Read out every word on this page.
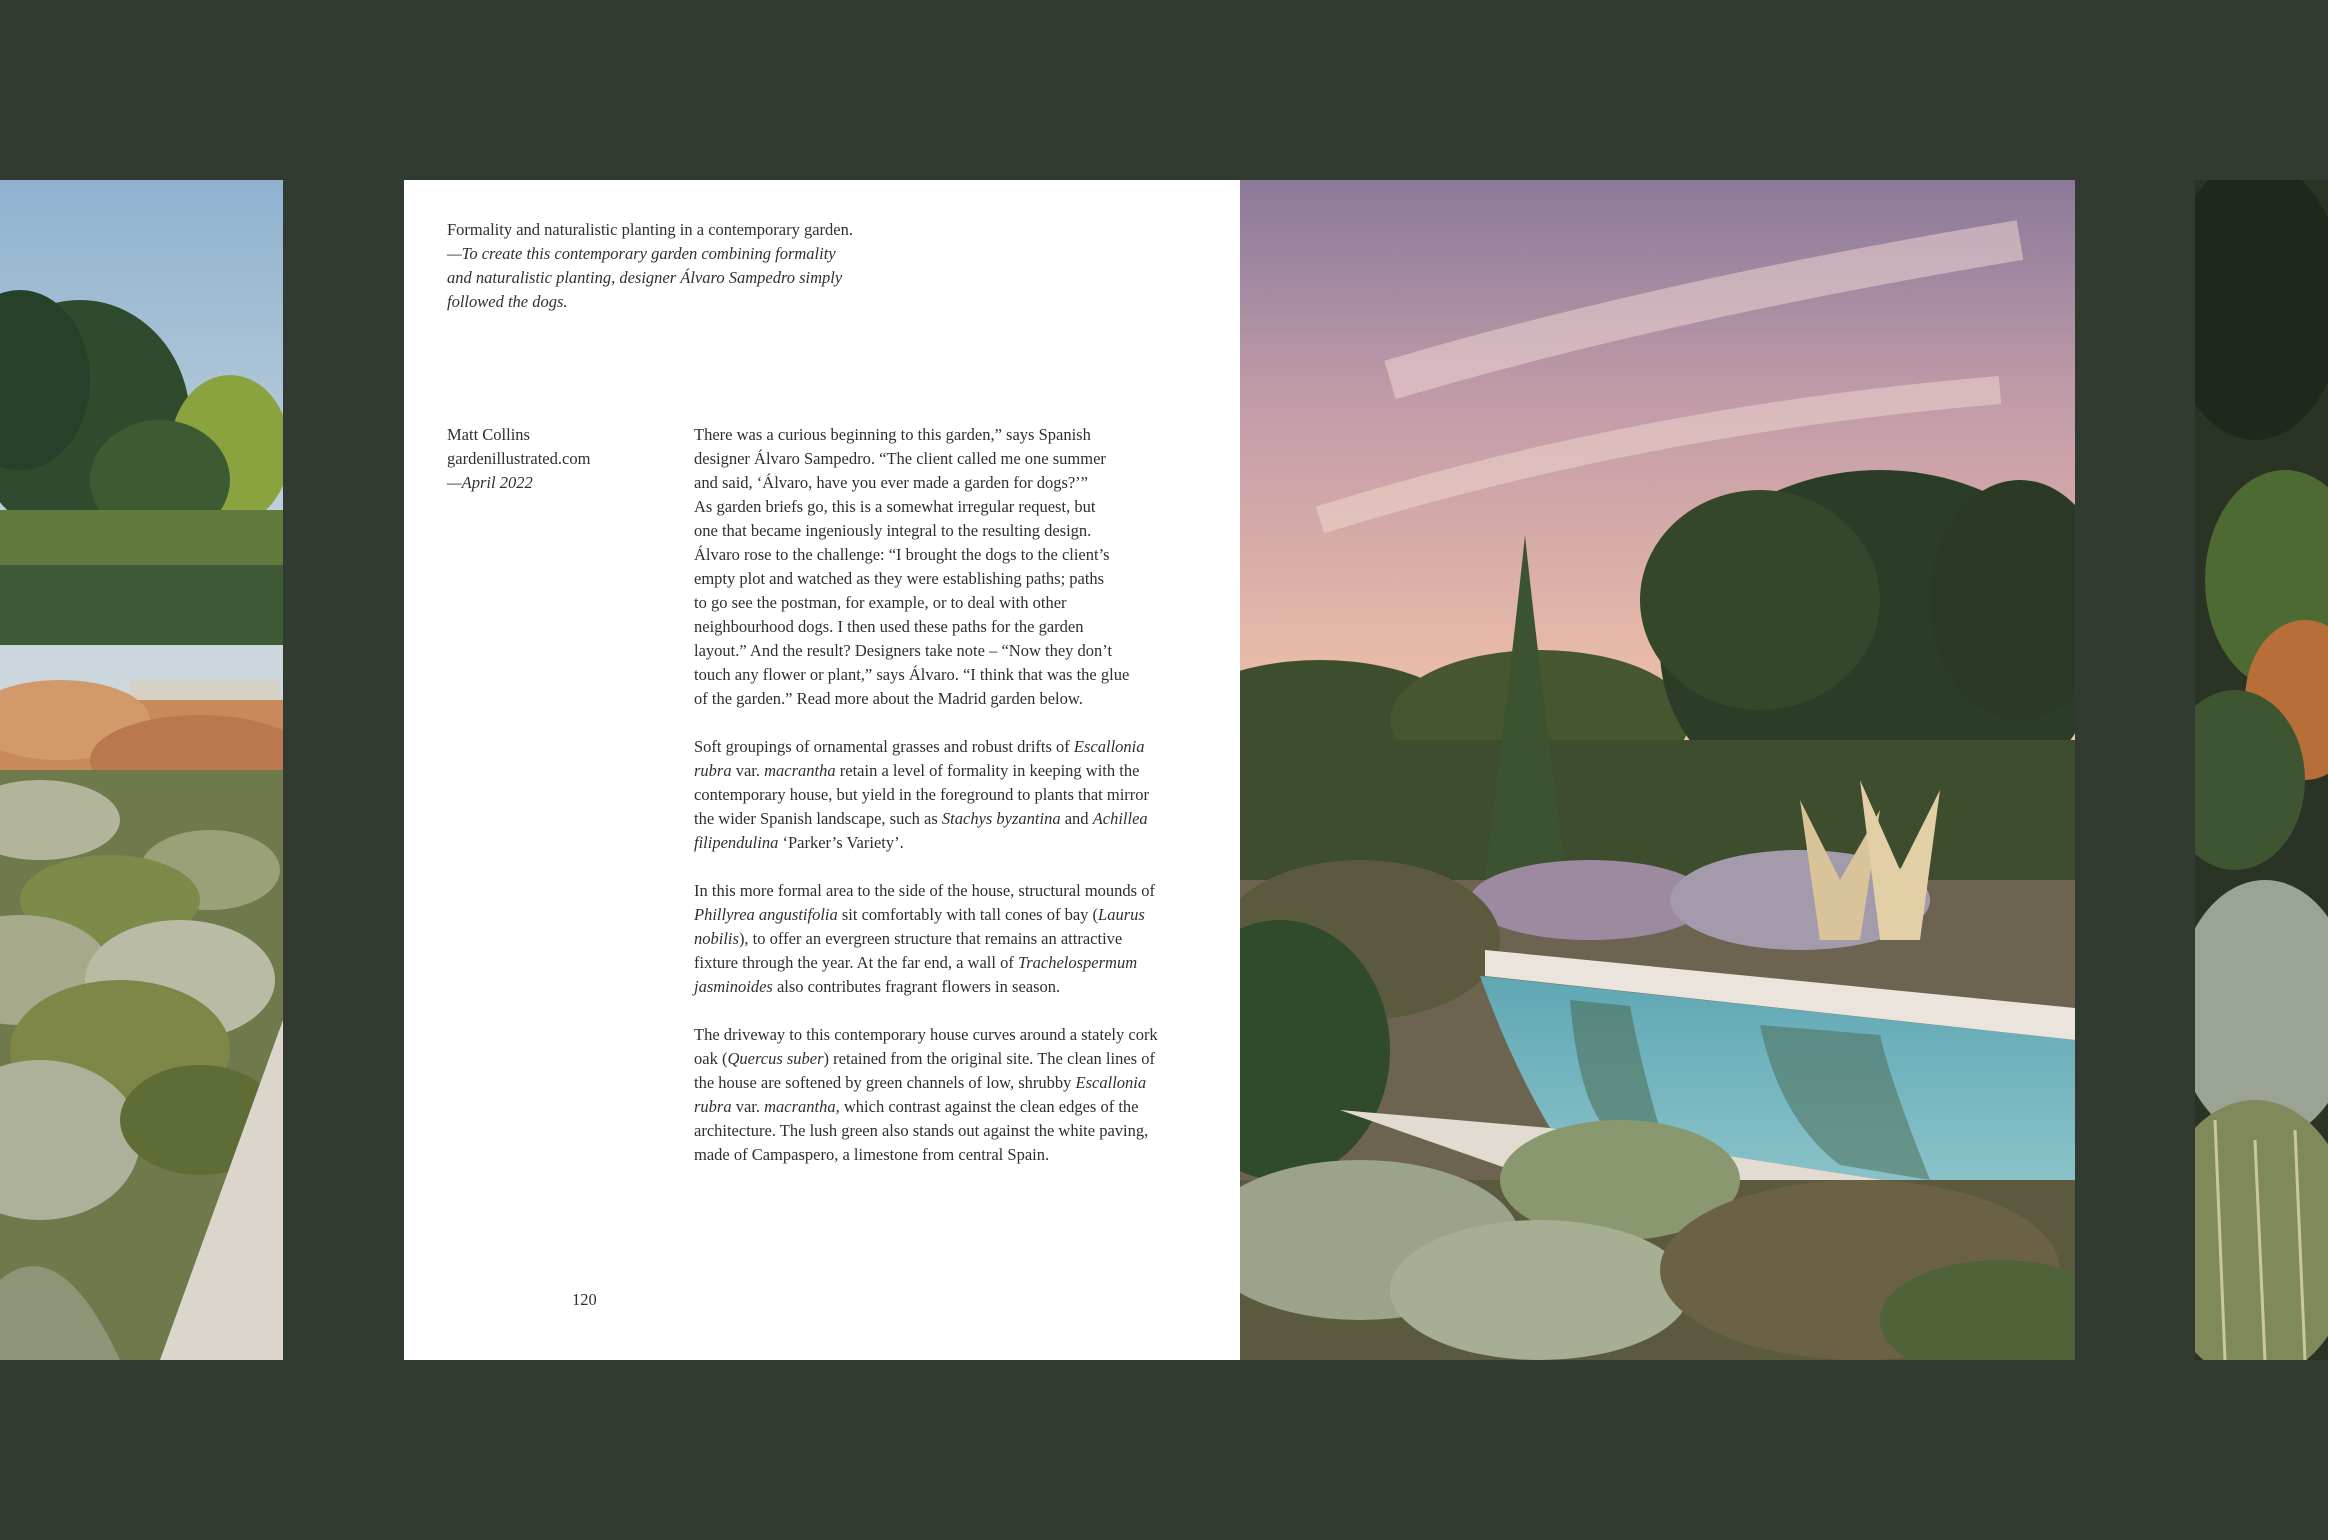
Formality and naturalistic planting in a contemporary garden.
—To create this contemporary garden combining formality
and naturalistic planting, designer Álvaro Sampedro simply
followed the dogs.
Matt Collins
gardenillustrated.com
—April 2022

There was a curious beginning to this garden,” says Spanish
designer Álvaro Sampedro. “The client called me one summer
and said, ‘Álvaro, have you ever made a garden for dogs?’”
As garden briefs go, this is a somewhat irregular request, but
one that became ingeniously integral to the resulting design.
Álvaro rose to the challenge: “I brought the dogs to the client’s
empty plot and watched as they were establishing paths; paths
to go see the postman, for example, or to deal with other
neighbourhood dogs. I then used these paths for the garden
layout.” And the result? Designers take note – “Now they don’t
touch any flower or plant,” says Álvaro. “I think that was the glue
of the garden.” Read more about the Madrid garden below.

Soft groupings of ornamental grasses and robust drifts of Escallonia rubra var. macrantha retain a level of formality in keeping with the contemporary house, but yield in the foreground to plants that mirror the wider Spanish landscape, such as Stachys byzantina and Achillea filipendulina ‘Parker’s Variety’.

In this more formal area to the side of the house, structural mounds of Phillyrea angustifolia sit comfortably with tall cones of bay (Laurus nobilis), to offer an evergreen structure that remains an attractive fixture through the year. At the far end, a wall of Trachelospermum jasminoides also contributes fragrant flowers in season.

The driveway to this contemporary house curves around a stately cork oak (Quercus suber) retained from the original site. The clean lines of the house are softened by green channels of low, shrubby Escallonia rubra var. macrantha, which contrast against the clean edges of the architecture. The lush green also stands out against the white paving, made of Campaspero, a limestone from central Spain.

120
